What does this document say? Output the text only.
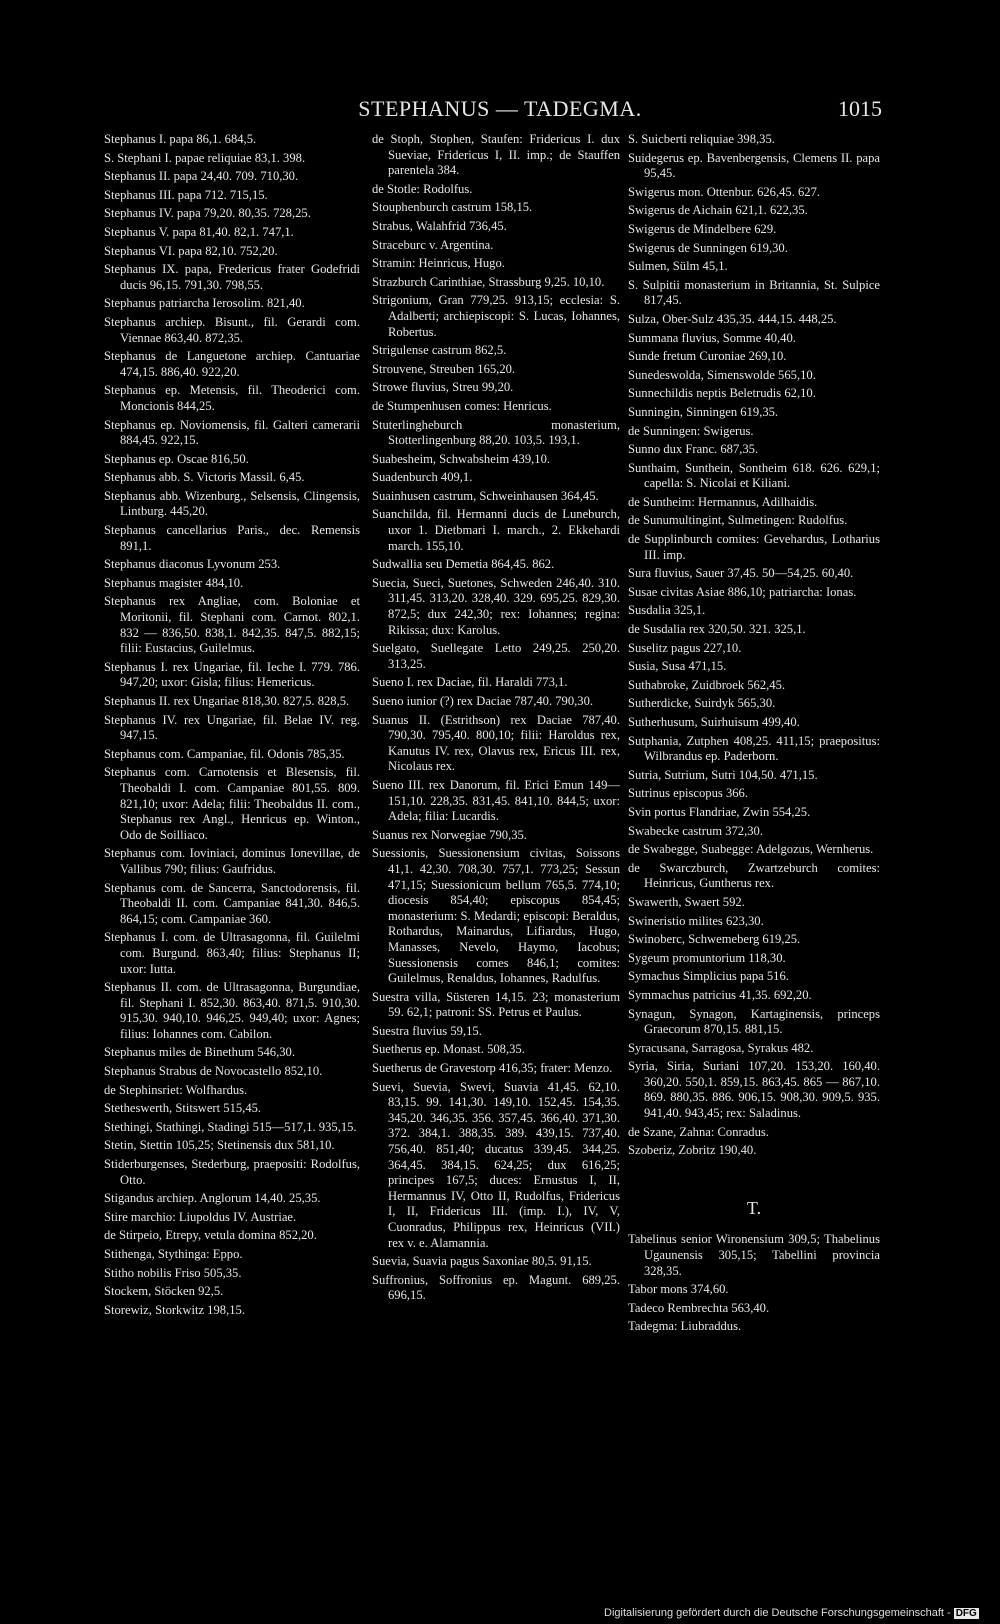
STEPHANUS — TADEGMA.	1015
Stephanus I. papa 86,1. 684,5.
S. Stephani I. papae reliquiae 83,1. 398.
Stephanus II. papa 24,40. 709. 710,30.
Stephanus III. papa 712. 715,15.
Stephanus IV. papa 79,20. 80,35. 728,25.
Stephanus V. papa 81,40. 82,1. 747,1.
Stephanus VI. papa 82,10. 752,20.
Stephanus IX. papa, Fredericus frater Godefridi ducis 96,15. 791,30. 798,55.
Stephanus patriarcha Ierosolim. 821,40.
Stephanus archiep. Bisunt., fil. Gerardi com. Viennae 863,40. 872,35.
Stephanus de Languetone archiep. Cantuariae 474,15. 886,40. 922,20.
Stephanus ep. Metensis, fil. Theoderici com. Moncionis 844,25.
Stephanus ep. Noviomensis, fil. Galteri camerarii 884,45. 922,15.
Stephanus ep. Oscae 816,50.
Stephanus abb. S. Victoris Massil. 6,45.
Stephanus abb. Wizenburg., Selsensis, Clingensis, Lintburg. 445,20.
Stephanus cancellarius Paris., dec. Remensis 891,1.
Stephanus diaconus Lyvonum 253.
Stephanus magister 484,10.
Stephanus rex Angliae, com. Boloniae et Moritonii, fil. Stephani com. Carnot. 802,1. 832 — 836,50. 838,1. 842,35. 847,5. 882,15; filii: Eustacius, Guilelmus.
Stephanus I. rex Ungariae, fil. Ieche I. 779. 786. 947,20; uxor: Gisla; filius: Hemericus.
Stephanus II. rex Ungariae 818,30. 827,5. 828,5.
Stephanus IV. rex Ungariae, fil. Belae IV. reg. 947,15.
Stephanus com. Campaniae, fil. Odonis 785,35.
Stephanus com. Carnotensis et Blesensis, fil. Theobaldi I. com. Campaniae 801,55. 809. 821,10; uxor: Adela; filii: Theobaldus II. com., Stephanus rex Angl., Henricus ep. Winton., Odo de Soilliaco.
Stephanus com. Ioviniaci, dominus Ionevillae, de Vallibus 790; filius: Gaufridus.
Stephanus com. de Sancerra, Sanctodorensis, fil. Theobaldi II. com. Campaniae 841,30. 846,5. 864,15; com. Campaniae 360.
Stephanus I. com. de Ultrasagonna, fil. Guilelmi com. Burgund. 863,40; filius: Stephanus II; uxor: Iutta.
Stephanus II. com. de Ultrasagonna, Burgundiae, fil. Stephani I. 852,30. 863,40. 871,5. 910,30. 915,30. 940,10. 946,25. 949,40; uxor: Agnes; filius: Iohannes com. Cabilon.
Stephanus miles de Binethum 546,30.
Stephanus Strabus de Novocastello 852,10.
de Stephinsriet: Wolfhardus.
Stetheswerth, Stitswert 515,45.
Stethingi, Stathingi, Stadingi 515—517,1. 935,15.
Stetin, Stettin 105,25; Stetinensis dux 581,10.
Stiderburgenses, Stederburg, praepositi: Rodolfus, Otto.
Stigandus archiep. Anglorum 14,40. 25,35.
Stire marchio: Liupoldus IV. Austriae.
de Stirpeio, Etrepy, vetula domina 852,20.
Stithenga, Stythinga: Eppo.
Stitho nobilis Friso 505,35.
Stockem, Stöcken 92,5.
Storewiz, Storkwitz 198,15.
de Stoph, Stophen, Staufen: Fridericus I. dux Sueviae, Fridericus I, II. imp.; de Stauffen parentela 384.
de Stotle: Rodolfus.
Stouphenburch castrum 158,15.
Strabus, Walahfrid 736,45.
Straceburc v. Argentina.
Stramin: Heinricus, Hugo.
Strazburch Carinthiae, Strassburg 9,25. 10,10.
Strigonium, Gran 779,25. 913,15; ecclesia: S. Adalberti; archiepiscopi: S. Lucas, Iohannes, Robertus.
Strigulense castrum 862,5.
Strouvene, Streuben 165,20.
Strowe fluvius, Streu 99,20.
de Stumpenhusen comes: Henricus.
Stuterlingheburch monasterium, Stotterlingenburg 88,20. 103,5. 193,1.
Suabesheim, Schwabsheim 439,10.
Suadenburch 409,1.
Suainhusen castrum, Schweinhausen 364,45.
Suanchilda, fil. Hermanni ducis de Luneburch, uxor 1. Dietbmari I. march., 2. Ekkehardi march. 155,10.
Sudwallia seu Demetia 864,45. 862.
Suecia, Sueci, Suetones, Schweden 246,40. 310. 311,45. 313,20. 328,40. 329. 695,25. 829,30. 872,5; dux 242,30; rex: Iohannes; regina: Rikissa; dux: Karolus.
Suelgato, Suellegate Letto 249,25. 250,20. 313,25.
Sueno I. rex Daciae, fil. Haraldi 773,1.
Sueno iunior (?) rex Daciae 787,40. 790,30.
Suanus II. (Estrithson) rex Daciae 787,40. 790,30. 795,40. 800,10; filii: Haroldus rex, Kanutus IV. rex, Olavus rex, Ericus III. rex, Nicolaus rex.
Sueno III. rex Danorum, fil. Erici Emun 149—151,10. 228,35. 831,45. 841,10. 844,5; uxor: Adela; filia: Lucardis.
Suanus rex Norwegiae 790,35.
Suessionis, Suessionensium civitas, Soissons 41,1. 42,30. 708,30. 757,1. 773,25; Sessun 471,15; Suessionicum bellum 765,5. 774,10; diocesis 854,40; episcopus 854,45; monasterium: S. Medardi; episcopi: Beraldus, Rothardus, Mainardus, Lifiardus, Hugo, Manasses, Nevelo, Haymo, Iacobus; Suessionensis comes 846,1; comites: Guilelmus, Renaldus, Iohannes, Radulfus.
Suestra villa, Süsteren 14,15. 23; monasterium 59. 62,1; patroni: SS. Petrus et Paulus.
Suestra fluvius 59,15.
Suetherus ep. Monast. 508,35.
Suetherus de Gravestorp 416,35; frater: Menzo.
Suevi, Suevia, Swevi, Suavia 41,45. 62,10. 83,15. 99. 141,30. 149,10. 152,45. 154,35. 345,20. 346,35. 356. 357,45. 366,40. 371,30. 372. 384,1. 388,35. 389. 439,15. 737,40. 756,40. 851,40; ducatus 339,45. 344,25. 364,45. 384,15. 624,25; dux 616,25; principes 167,5; duces: Ernustus I, II, Hermannus IV, Otto II, Rudolfus, Fridericus I, II, Fridericus III. (imp. I.), IV, V, Cuonradus, Philippus rex, Heinricus (VII.) rex v. e. Alamannia.
Suevia, Suavia pagus Saxoniae 80,5. 91,15.
Suffronius, Soffronius ep. Magunt. 689,25. 696,15.
S. Suicberti reliquiae 398,35.
Suidegerus ep. Bavenbergensis, Clemens II. papa 95,45.
Swigerus mon. Ottenbur. 626,45. 627.
Swigerus de Aichain 621,1. 622,35.
Swigerus de Mindelbere 629.
Swigerus de Sunningen 619,30.
Sulmen, Sülm 45,1.
S. Sulpitii monasterium in Britannia, St. Sulpice 817,45.
Sulza, Ober-Sulz 435,35. 444,15. 448,25.
Summana fluvius, Somme 40,40.
Sunde fretum Curoniae 269,10.
Sunedeswolda, Simenswolde 565,10.
Sunnechildis neptis Beletrudis 62,10.
Sunningin, Sinningen 619,35.
de Sunningen: Swigerus.
Sunno dux Franc. 687,35.
Sunthaim, Sunthein, Sontheim 618. 626. 629,1; capella: S. Nicolai et Kiliani.
de Suntheim: Hermannus, Adilhaidis.
de Sunumultingint, Sulmetingen: Rudolfus.
de Supplinburch comites: Gevehardus, Lotharius III. imp.
Sura fluvius, Sauer 37,45. 50—54,25. 60,40.
Susae civitas Asiae 886,10; patriarcha: Ionas.
Susdalia 325,1.
de Susdalia rex 320,50. 321. 325,1.
Suselitz pagus 227,10.
Susia, Susa 471,15.
Suthabroke, Zuidbroek 562,45.
Sutherdicke, Suirdyk 565,30.
Sutherhusum, Suirhuisum 499,40.
Sutphania, Zutphen 408,25. 411,15; praepositus: Wilbrandus ep. Paderborn.
Sutria, Sutrium, Sutri 104,50. 471,15.
Sutrinus episcopus 366.
Svin portus Flandriae, Zwin 554,25.
Swabecke castrum 372,30.
de Swabegge, Suabegge: Adelgozus, Wernherus.
de Swarczburch, Zwartzeburch comites: Heinricus, Guntherus rex.
Swawerth, Swaert 592.
Swineristio milites 623,30.
Swinoberc, Schwemeberg 619,25.
Sygeum promuntorium 118,30.
Symachus Simplicius papa 516.
Symmachus patricius 41,35. 692,20.
Synagun, Synagon, Kartaginensis, princeps Graecorum 870,15. 881,15.
Syracusana, Sarragosa, Syrakus 482.
Syria, Siria, Suriani 107,20. 153,20. 160,40. 360,20. 550,1. 859,15. 863,45. 865 — 867,10. 869. 880,35. 886. 906,15. 908,30. 909,5. 935. 941,40. 943,45; rex: Saladinus.
de Szane, Zahna: Conradus.
Szoberiz, Zobritz 190,40.
T.
Tabelinus senior Wironensium 309,5; Thabelinus Ugaunensis 305,15; Tabellini provincia 328,35.
Tabor mons 374,60.
Tadeco Rembrechta 563,40.
Tadegma: Liubraddus.
Digitalisierung gefördert durch die Deutsche Forschungsgemeinschaft - DFG
